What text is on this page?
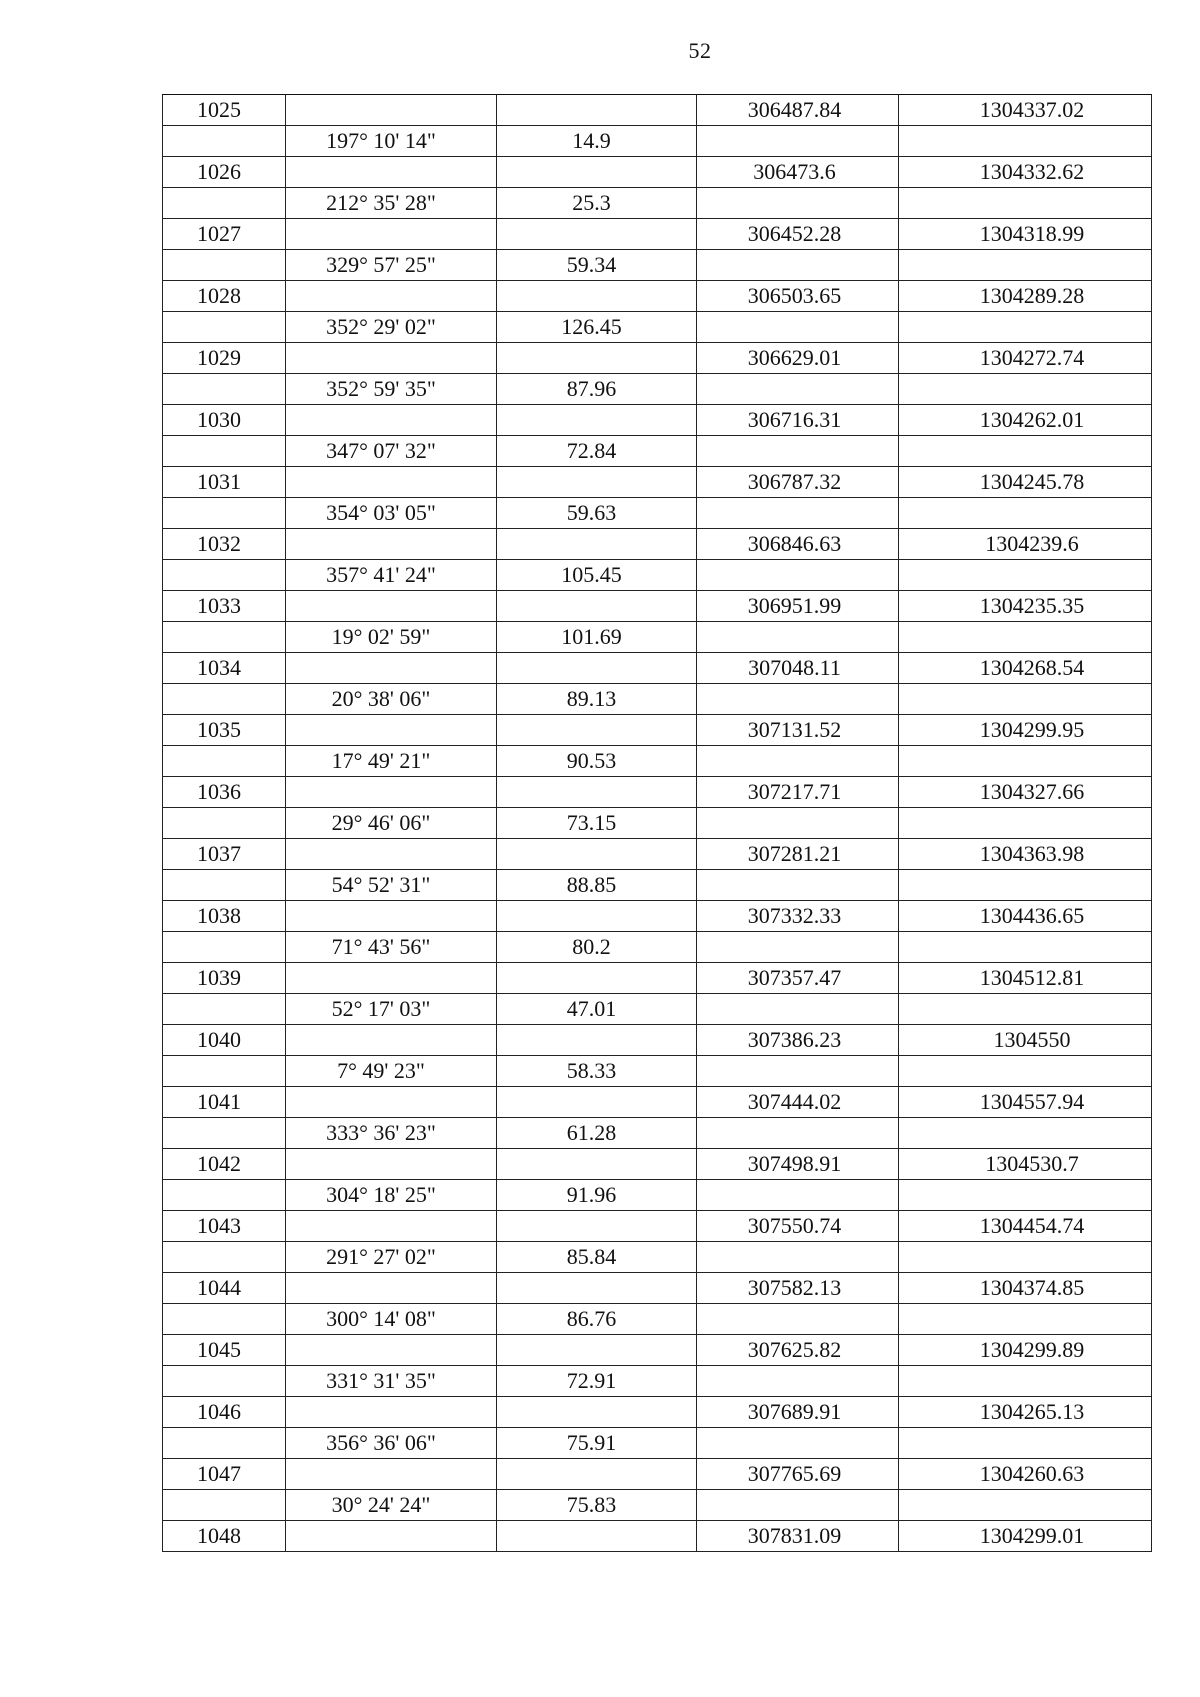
52
1025			306487.84	1304337.02
	197° 10' 14"	14.9		
1026			306473.6	1304332.62
	212° 35' 28"	25.3		
1027			306452.28	1304318.99
	329° 57' 25"	59.34		
1028			306503.65	1304289.28
	352° 29' 02"	126.45		
1029			306629.01	1304272.74
	352° 59' 35"	87.96		
1030			306716.31	1304262.01
	347° 07' 32"	72.84		
1031			306787.32	1304245.78
	354° 03' 05"	59.63		
1032			306846.63	1304239.6
	357° 41' 24"	105.45		
1033			306951.99	1304235.35
	19° 02' 59"	101.69		
1034			307048.11	1304268.54
	20° 38' 06"	89.13		
1035			307131.52	1304299.95
	17° 49' 21"	90.53		
1036			307217.71	1304327.66
	29° 46' 06"	73.15		
1037			307281.21	1304363.98
	54° 52' 31"	88.85		
1038			307332.33	1304436.65
	71° 43' 56"	80.2		
1039			307357.47	1304512.81
	52° 17' 03"	47.01		
1040			307386.23	1304550
	7° 49' 23"	58.33		
1041			307444.02	1304557.94
	333° 36' 23"	61.28		
1042			307498.91	1304530.7
	304° 18' 25"	91.96		
1043			307550.74	1304454.74
	291° 27' 02"	85.84		
1044			307582.13	1304374.85
	300° 14' 08"	86.76		
1045			307625.82	1304299.89
	331° 31' 35"	72.91		
1046			307689.91	1304265.13
	356° 36' 06"	75.91		
1047			307765.69	1304260.63
	30° 24' 24"	75.83		
1048			307831.09	1304299.01
